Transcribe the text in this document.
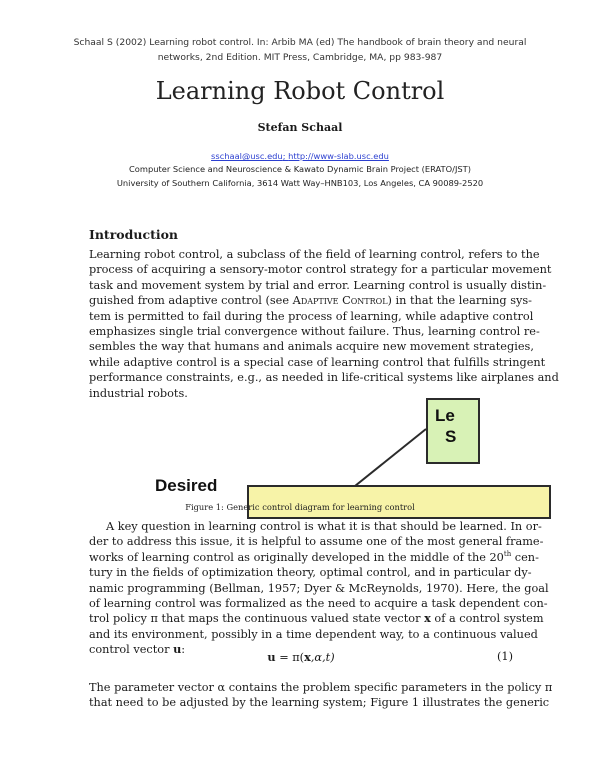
Schaal S (2002) Learning robot control. In: Arbib MA (ed) The handbook of brain theory and neural
networks, 2nd Edition. MIT Press, Cambridge, MA, pp 983-987
Learning Robot Control
Stefan Schaal
sschaal@usc.edu; http://www-slab.usc.edu
Computer Science and Neuroscience & Kawato Dynamic Brain Project (ERATO/JST)
University of Southern California, 3614 Watt Way–HNB103, Los Angeles, CA 90089-2520
Introduction
Learning robot control, a subclass of the field of learning control, refers to the
process of acquiring a sensory-motor control strategy for a particular movement
task and movement system by trial and error. Learning control is usually distin-
guished from adaptive control (see Adaptive Control) in that the learning sys-
tem is permitted to fail during the process of learning, while adaptive control
emphasizes single trial convergence without failure. Thus, learning control re-
sembles the way that humans and animals acquire new movement strategies,
while adaptive control is a special case of learning control that fulfills stringent
performance constraints, e.g., as needed in life-critical systems like airplanes and
industrial robots.
Le
S
Desired
Figure 1: Generic control diagram for learning control
A key question in learning control is what it is that should be learned. In or-
der to address this issue, it is helpful to assume one of the most general frame-
works of learning control as originally developed in the middle of the 20th cen-
tury in the fields of optimization theory, optimal control, and in particular dy-
namic programming (Bellman, 1957; Dyer & McReynolds, 1970). Here, the goal
of learning control was formalized as the need to acquire a task dependent con-
trol policy π that maps the continuous valued state vector x of a control system
and its environment, possibly in a time dependent way, to a continuous valued
control vector u:
u = π(x,α,t)	(1)
The parameter vector α contains the problem specific parameters in the policy π
that need to be adjusted by the learning system; Figure 1 illustrates the generic
